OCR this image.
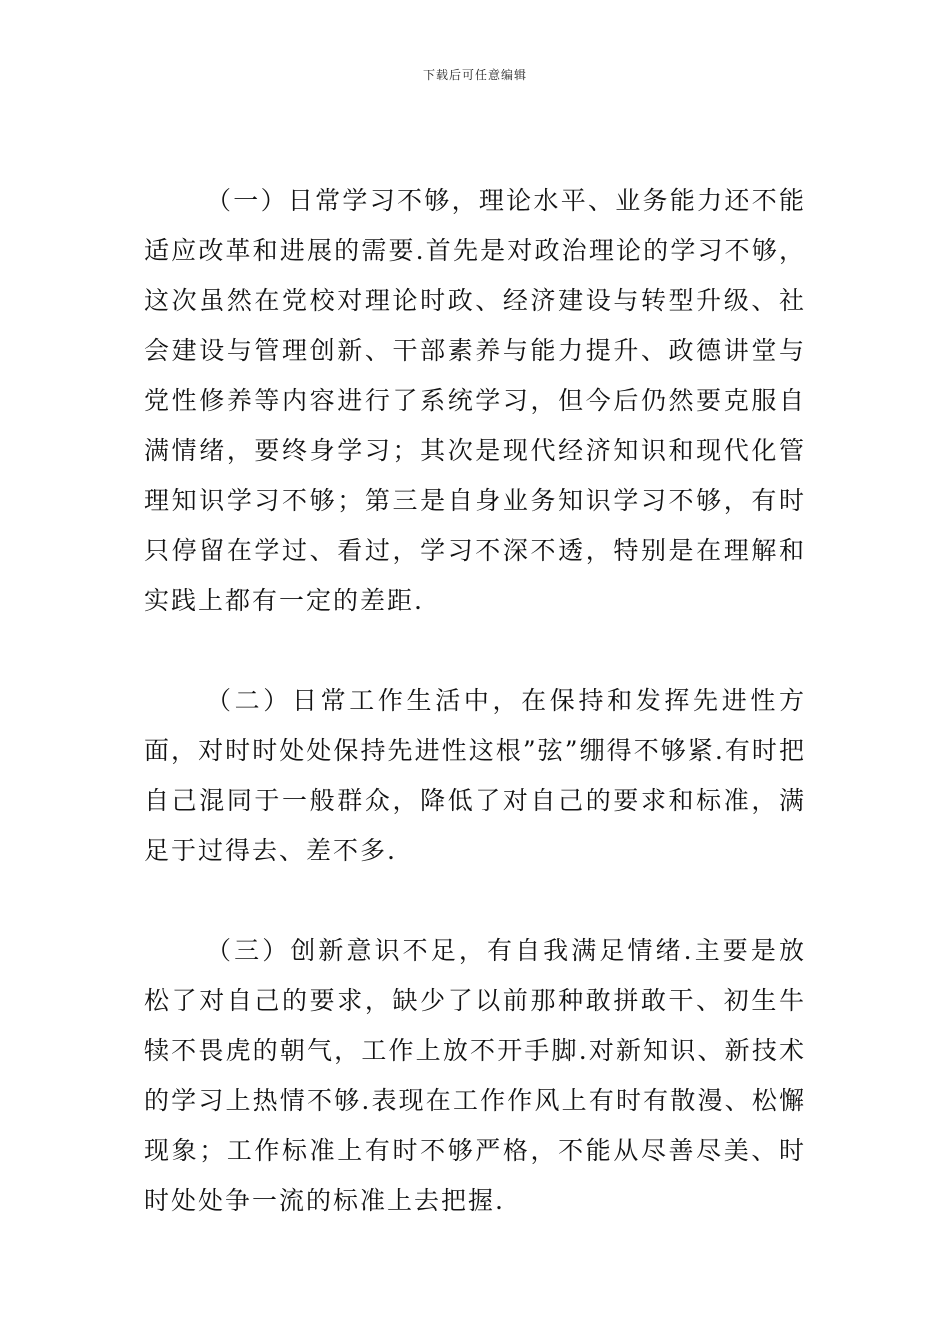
下载后可任意编辑

（一）日常学习不够，理论水平、业务能力还不能适应改革和进展的需要.首先是对政治理论的学习不够，这次虽然在党校对理论时政、经济建设与转型升级、社会建设与管理创新、干部素养与能力提升、政德讲堂与党性修养等内容进行了系统学习，但今后仍然要克服自满情绪，要终身学习；其次是现代经济知识和现代化管理知识学习不够；第三是自身业务知识学习不够，有时只停留在学过、看过，学习不深不透，特别是在理解和实践上都有一定的差距.

（二）日常工作生活中，在保持和发挥先进性方面，对时时处处保持先进性这根”弦”绷得不够紧.有时把自己混同于一般群众，降低了对自己的要求和标准，满足于过得去、差不多.

（三）创新意识不足，有自我满足情绪.主要是放松了对自己的要求，缺少了以前那种敢拼敢干、初生牛犊不畏虎的朝气，工作上放不开手脚.对新知识、新技术的学习上热情不够.表现在工作作风上有时有散漫、松懈现象；工作标准上有时不够严格，不能从尽善尽美、时时处处争一流的标准上去把握.
